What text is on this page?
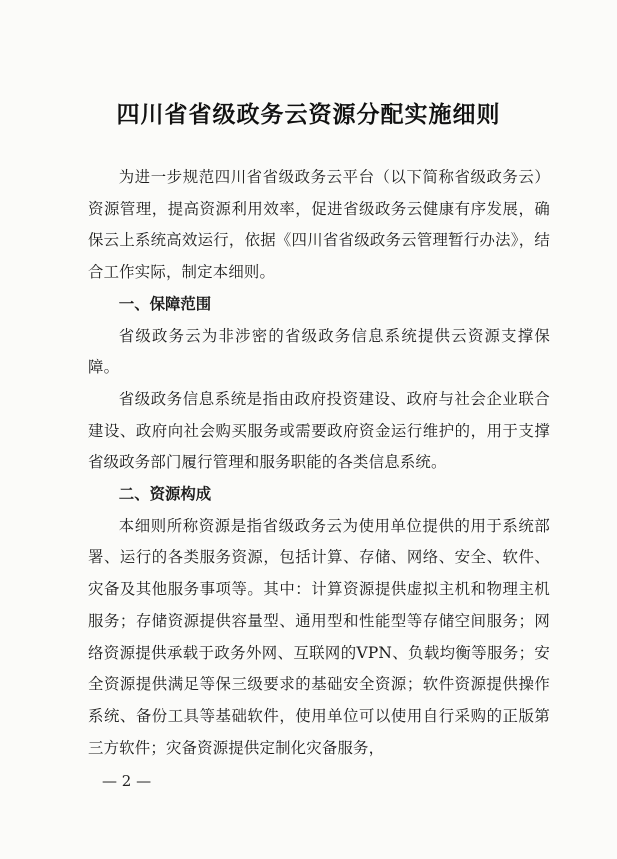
四川省省级政务云资源分配实施细则

为进一步规范四川省省级政务云平台（以下简称省级政务云）资源管理，提高资源利用效率，促进省级政务云健康有序发展，确保云上系统高效运行，依据《四川省省级政务云管理暂行办法》，结合工作实际，制定本细则。

一、保障范围

省级政务云为非涉密的省级政务信息系统提供云资源支撑保障。

省级政务信息系统是指由政府投资建设、政府与社会企业联合建设、政府向社会购买服务或需要政府资金运行维护的，用于支撑省级政务部门履行管理和服务职能的各类信息系统。

二、资源构成

本细则所称资源是指省级政务云为使用单位提供的用于系统部署、运行的各类服务资源，包括计算、存储、网络、安全、软件、灾备及其他服务事项等。其中：计算资源提供虚拟主机和物理主机服务；存储资源提供容量型、通用型和性能型等存储空间服务；网络资源提供承载于政务外网、互联网的VPN、负载均衡等服务；安全资源提供满足等保三级要求的基础安全资源；软件资源提供操作系统、备份工具等基础软件，使用单位可以使用自行采购的正版第三方软件；灾备资源提供定制化灾备服务，

— 2 —
